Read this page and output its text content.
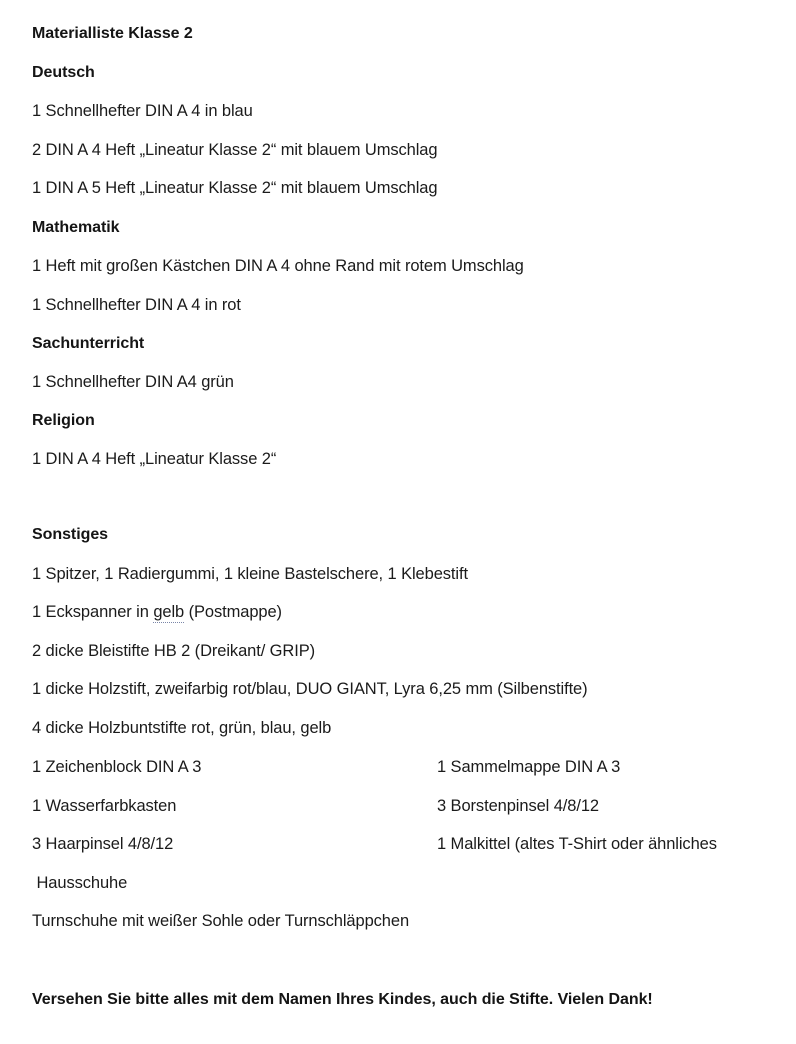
Materialliste Klasse 2
Deutsch
1 Schnellhefter DIN A 4 in blau
2 DIN A 4 Heft „Lineatur Klasse 2“ mit blauem Umschlag
1 DIN A 5 Heft „Lineatur Klasse 2“ mit blauem Umschlag
Mathematik
1 Heft mit großen Kästchen DIN A 4 ohne Rand mit rotem Umschlag
1 Schnellhefter DIN A 4 in rot
Sachunterricht
1 Schnellhefter DIN A4 grün
Religion
1 DIN A 4 Heft „Lineatur Klasse 2“
Sonstiges
1 Spitzer, 1 Radiergummi, 1 kleine Bastelschere, 1 Klebestift
1 Eckspanner in gelb (Postmappe)
2 dicke Bleistifte HB 2 (Dreikant/ GRIP)
1 dicke Holzstift, zweifarbig rot/blau, DUO GIANT, Lyra 6,25 mm (Silbenstifte)
4 dicke Holzbuntstifte rot, grün, blau, gelb
1 Zeichenblock DIN A 3	1 Sammelmappe DIN A 3
1 Wasserfarbkasten	3 Borstenpinsel 4/8/12
3 Haarpinsel 4/8/12	1 Malkittel (altes T-Shirt oder ähnliches
Hausschuhe
Turnschuhe mit weißer Sohle oder Turnschläppchen
Versehen Sie bitte alles mit dem Namen Ihres Kindes, auch die Stifte. Vielen Dank!
